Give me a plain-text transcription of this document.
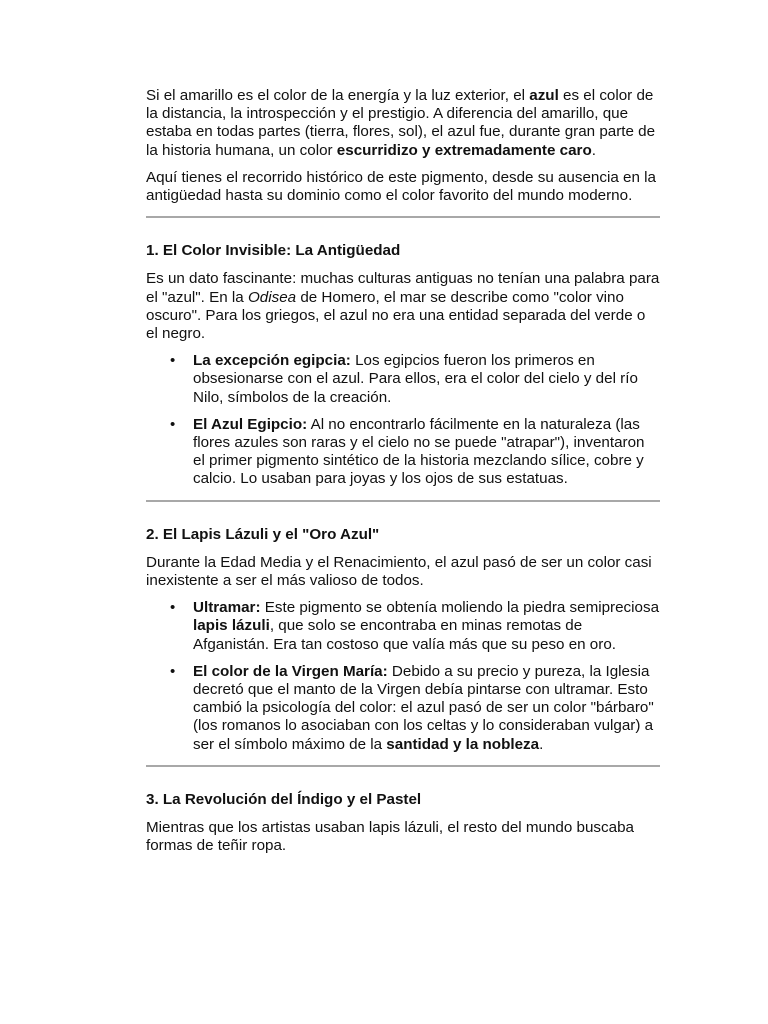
Si el amarillo es el color de la energía y la luz exterior, el azul es el color de la distancia, la introspección y el prestigio. A diferencia del amarillo, que estaba en todas partes (tierra, flores, sol), el azul fue, durante gran parte de la historia humana, un color escurridizo y extremadamente caro.

Aquí tienes el recorrido histórico de este pigmento, desde su ausencia en la antigüedad hasta su dominio como el color favorito del mundo moderno.

1. El Color Invisible: La Antigüedad

Es un dato fascinante: muchas culturas antiguas no tenían una palabra para el "azul". En la Odisea de Homero, el mar se describe como "color vino oscuro". Para los griegos, el azul no era una entidad separada del verde o el negro.

• La excepción egipcia: Los egipcios fueron los primeros en obsesionarse con el azul. Para ellos, era el color del cielo y del río Nilo, símbolos de la creación.
• El Azul Egipcio: Al no encontrarlo fácilmente en la naturaleza (las flores azules son raras y el cielo no se puede "atrapar"), inventaron el primer pigmento sintético de la historia mezclando sílice, cobre y calcio. Lo usaban para joyas y los ojos de sus estatuas.
2. El Lapis Lázuli y el "Oro Azul"

Durante la Edad Media y el Renacimiento, el azul pasó de ser un color casi inexistente a ser el más valioso de todos.

• Ultramar: Este pigmento se obtenía moliendo la piedra semipreciosa lapis lázuli, que solo se encontraba en minas remotas de Afganistán. Era tan costoso que valía más que su peso en oro.
• El color de la Virgen María: Debido a su precio y pureza, la Iglesia decretó que el manto de la Virgen debía pintarse con ultramar. Esto cambió la psicología del color: el azul pasó de ser un color "bárbaro" (los romanos lo asociaban con los celtas y lo consideraban vulgar) a ser el símbolo máximo de la santidad y la nobleza.
3. La Revolución del Índigo y el Pastel

Mientras que los artistas usaban lapis lázuli, el resto del mundo buscaba formas de teñir ropa.
